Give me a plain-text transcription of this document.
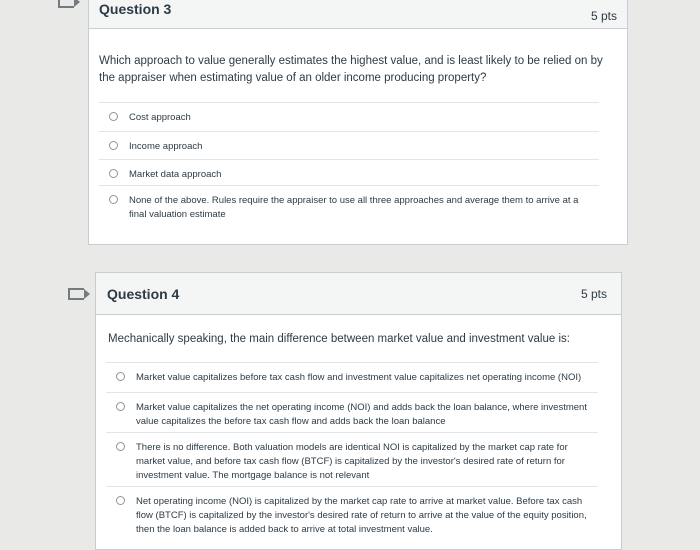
Question 3	5 pts
Which approach to value generally estimates the highest value, and is least likely to be relied on by the appraiser when estimating value of an older income producing property?
Cost approach
Income approach
Market data approach
None of the above. Rules require the appraiser to use all three approaches and average them to arrive at a final valuation estimate
Question 4	5 pts
Mechanically speaking, the main difference between market value and investment value is:
Market value capitalizes before tax cash flow and investment value capitalizes net operating income (NOI)
Market value capitalizes the net operating income (NOI) and adds back the loan balance, where investment value capitalizes the before tax cash flow and adds back the loan balance
There is no difference. Both valuation models are identical NOI is capitalized by the market cap rate for market value, and before tax cash flow (BTCF) is capitalized by the investor's desired rate of return for investment value. The mortgage balance is not relevant
Net operating income (NOI) is capitalized by the market cap rate to arrive at market value. Before tax cash flow (BTCF) is capitalized by the investor's desired rate of return to arrive at the value of the equity position, then the loan balance is added back to arrive at total investment value.
